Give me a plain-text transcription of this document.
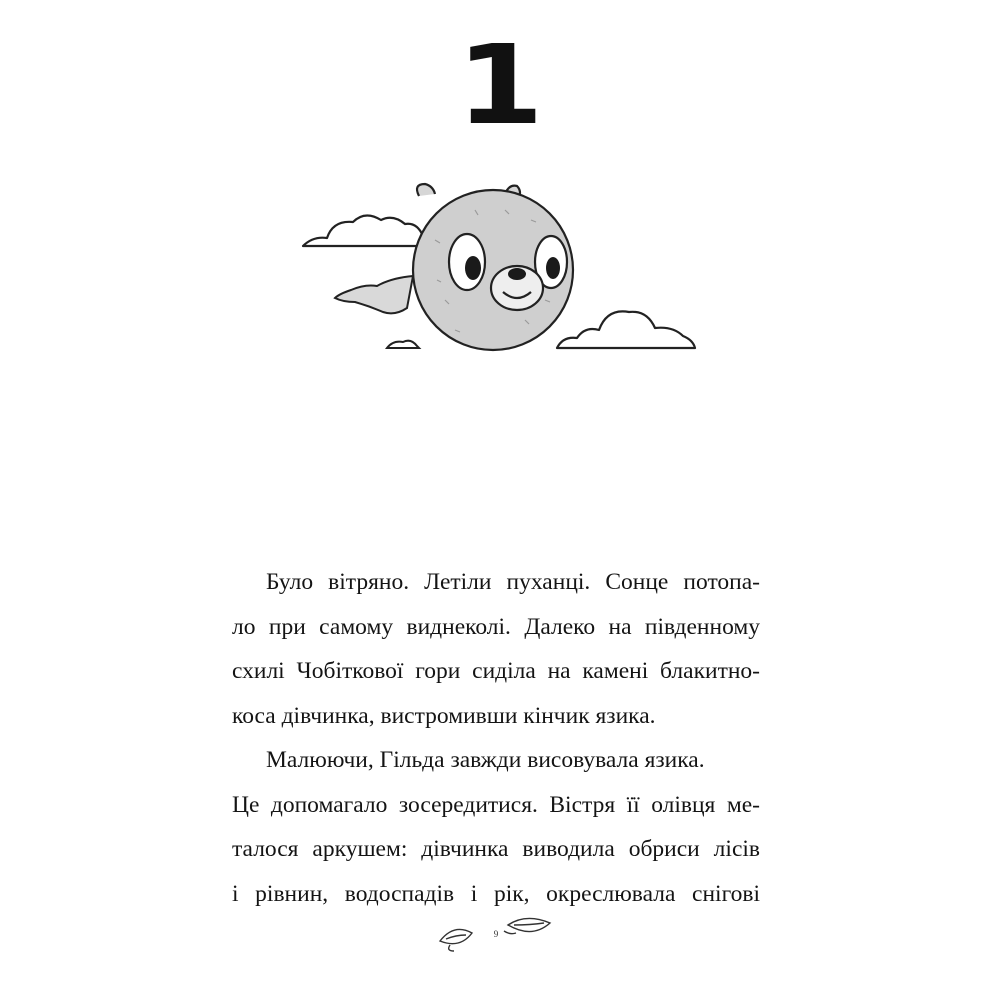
1
Було вітряно. Летіли пуханці. Сонце потопа-
ло при самому виднеколі. Далеко на південному
схилі Чобіткової гори сиділа на камені блакитно-
коса дівчинка, вистромивши кінчик язика.
Малюючи, Гільда завжди висовувала язика.
Це допомагало зосередитися. Вістря її олівця ме-
талося аркушем: дівчинка виводила обриси лісів
і рівнин, водоспадів і рік, окреслювала снігові
9
